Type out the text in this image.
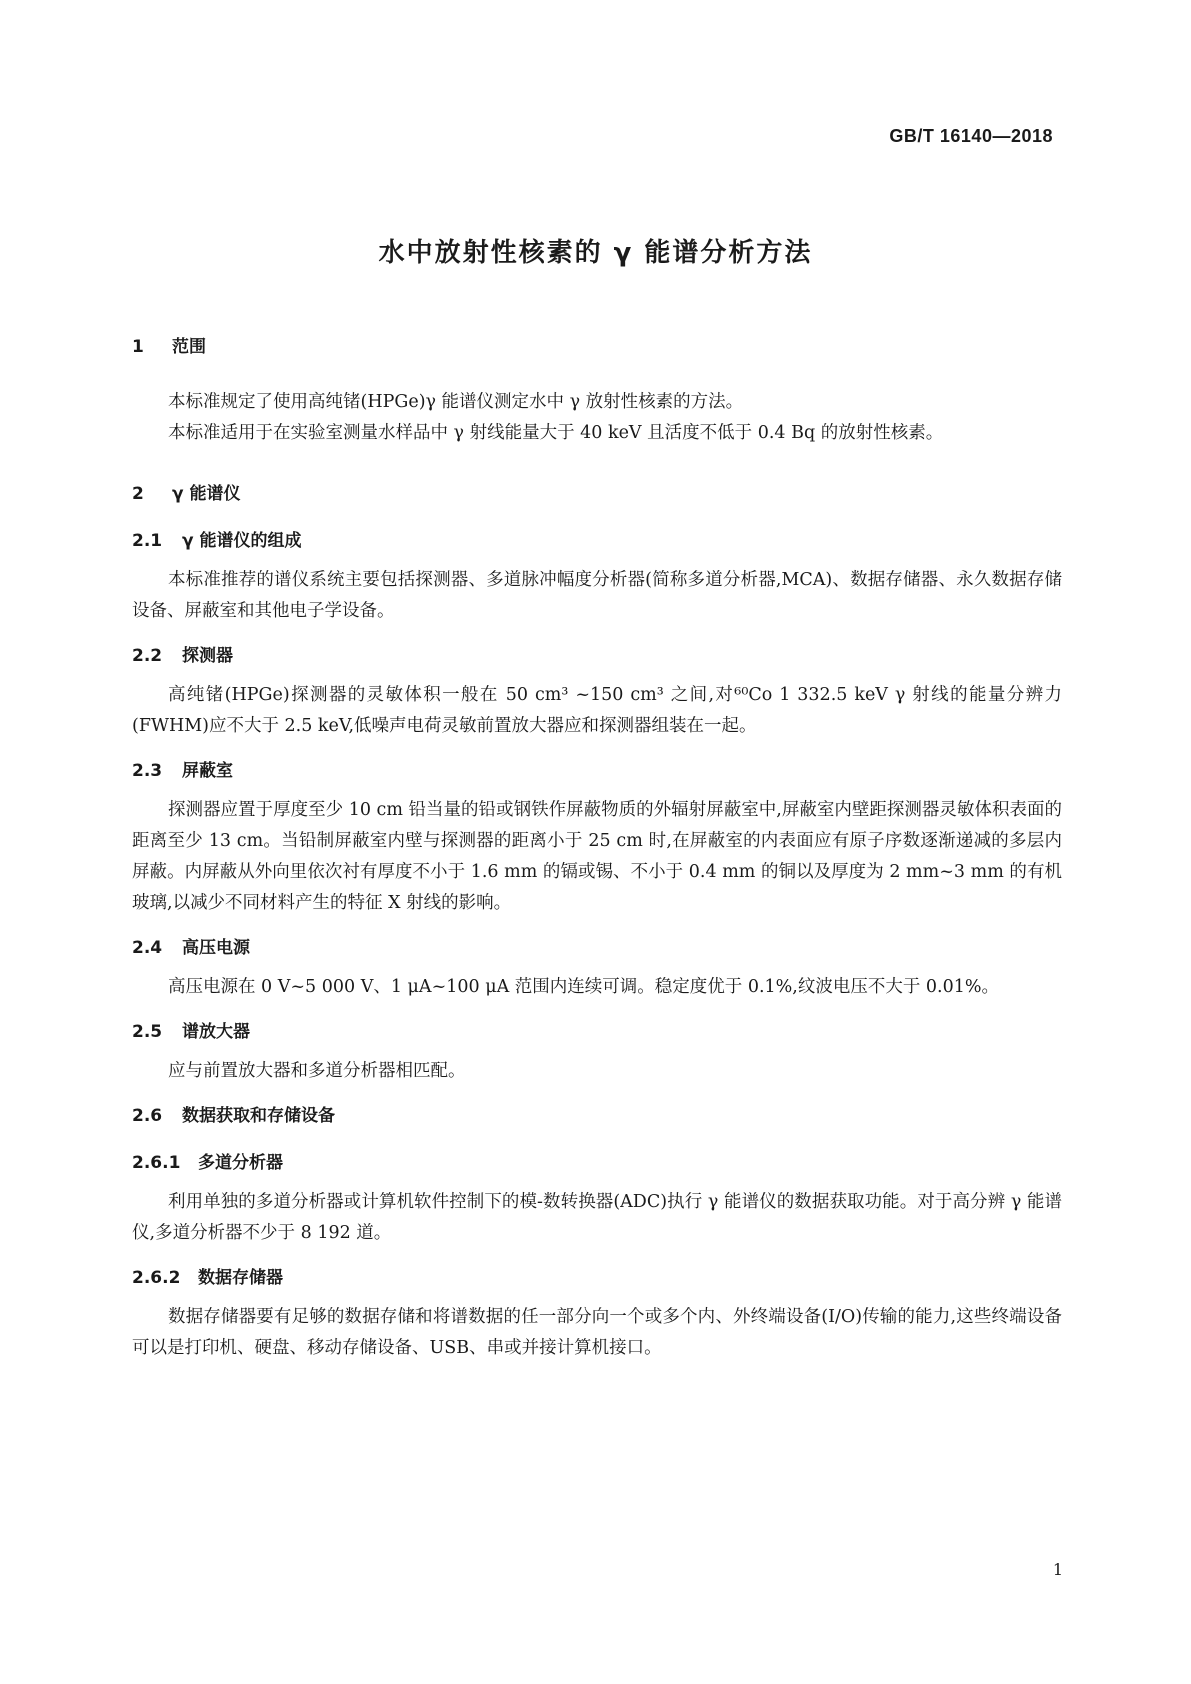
GB/T 16140—2018
水中放射性核素的 γ 能谱分析方法
1 范围

本标准规定了使用高纯锗(HPGe)γ 能谱仪测定水中 γ 放射性核素的方法。

本标准适用于在实验室测量水样品中 γ 射线能量大于 40 keV 且活度不低于 0.4 Bq 的放射性核素。

2 γ 能谱仪
2.1 γ 能谱仪的组成

本标准推荐的谱仪系统主要包括探测器、多道脉冲幅度分析器(简称多道分析器,MCA)、数据存储器、永久数据存储设备、屏蔽室和其他电子学设备。

2.2 探测器

高纯锗(HPGe)探测器的灵敏体积一般在 50 cm³ ~150 cm³ 之间,对⁶⁰Co 1 332.5 keV γ 射线的能量分辨力(FWHM)应不大于 2.5 keV,低噪声电荷灵敏前置放大器应和探测器组装在一起。

2.3 屏蔽室

探测器应置于厚度至少 10 cm 铅当量的铅或钢铁作屏蔽物质的外辐射屏蔽室中,屏蔽室内壁距探测器灵敏体积表面的距离至少 13 cm。当铅制屏蔽室内壁与探测器的距离小于 25 cm 时,在屏蔽室的内表面应有原子序数逐渐递减的多层内屏蔽。内屏蔽从外向里依次衬有厚度不小于 1.6 mm 的镉或锡、不小于 0.4 mm 的铜以及厚度为 2 mm~3 mm 的有机玻璃,以减少不同材料产生的特征 X 射线的影响。

2.4 高压电源

高压电源在 0 V~5 000 V、1 μA~100 μA 范围内连续可调。稳定度优于 0.1%,纹波电压不大于 0.01%。

2.5 谱放大器

应与前置放大器和多道分析器相匹配。

2.6 数据获取和存储设备
2.6.1 多道分析器

利用单独的多道分析器或计算机软件控制下的模-数转换器(ADC)执行 γ 能谱仪的数据获取功能。对于高分辨 γ 能谱仪,多道分析器不少于 8 192 道。

2.6.2 数据存储器

数据存储器要有足够的数据存储和将谱数据的任一部分向一个或多个内、外终端设备(I/O)传输的能力,这些终端设备可以是打印机、硬盘、移动存储设备、USB、串或并接计算机接口。

1
